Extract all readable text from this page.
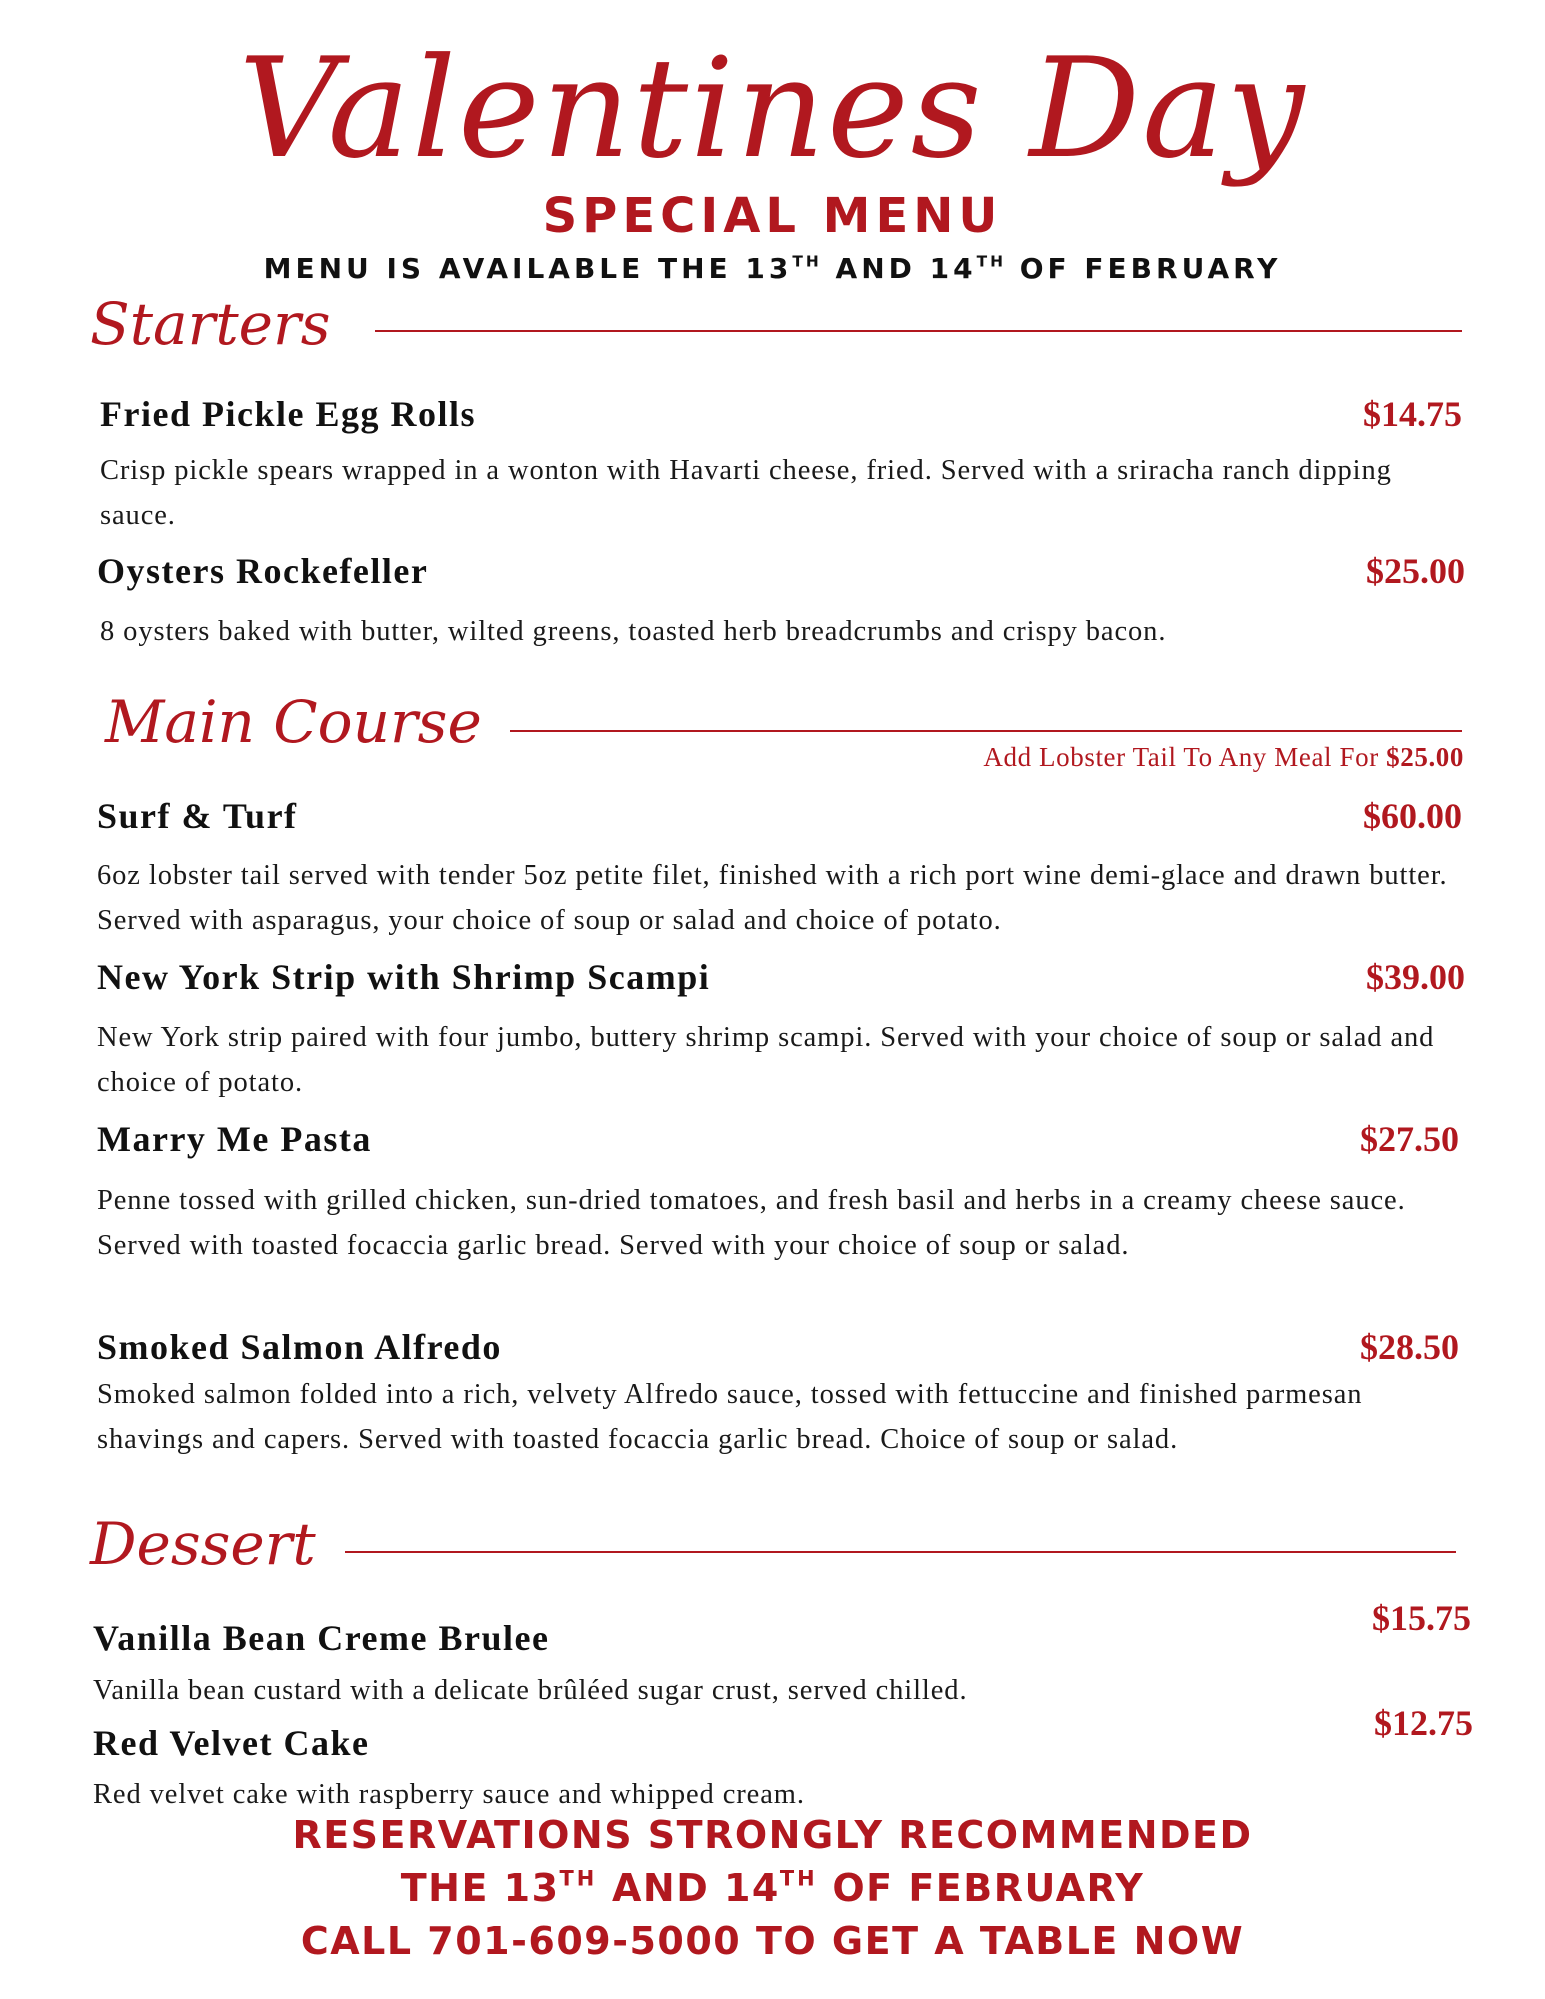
Valentines Day
SPECIAL MENU
MENU IS AVAILABLE THE 13TH AND 14TH OF FEBRUARY
Starters
Fried Pickle Egg Rolls	$14.75
Crisp pickle spears wrapped in a wonton with Havarti cheese, fried. Served with a sriracha ranch dipping sauce.
Oysters Rockefeller	$25.00
8 oysters baked with butter, wilted greens, toasted herb breadcrumbs and crispy bacon.
Main Course
Add Lobster Tail To Any Meal For $25.00
Surf & Turf	$60.00
6oz lobster tail served with tender 5oz petite filet, finished with a rich port wine demi-glace and drawn butter. Served with asparagus, your choice of soup or salad and choice of potato.
New York Strip with Shrimp Scampi	$39.00
New York strip paired with four jumbo, buttery shrimp scampi. Served with your choice of soup or salad and choice of potato.
Marry Me Pasta	$27.50
Penne tossed with grilled chicken, sun-dried tomatoes, and fresh basil and herbs in a creamy cheese sauce. Served with toasted focaccia garlic bread. Served with your choice of soup or salad.
Smoked Salmon Alfredo	$28.50
Smoked salmon folded into a rich, velvety Alfredo sauce, tossed with fettuccine and finished parmesan shavings and capers. Served with toasted focaccia garlic bread. Choice of soup or salad.
Dessert
$15.75
Vanilla Bean Creme Brulee
Vanilla bean custard with a delicate brûléed sugar crust, served chilled.
$12.75
Red Velvet Cake
Red velvet cake with raspberry sauce and whipped cream.
RESERVATIONS STRONGLY RECOMMENDED
THE 13TH AND 14TH OF FEBRUARY
CALL 701-609-5000 TO GET A TABLE NOW
